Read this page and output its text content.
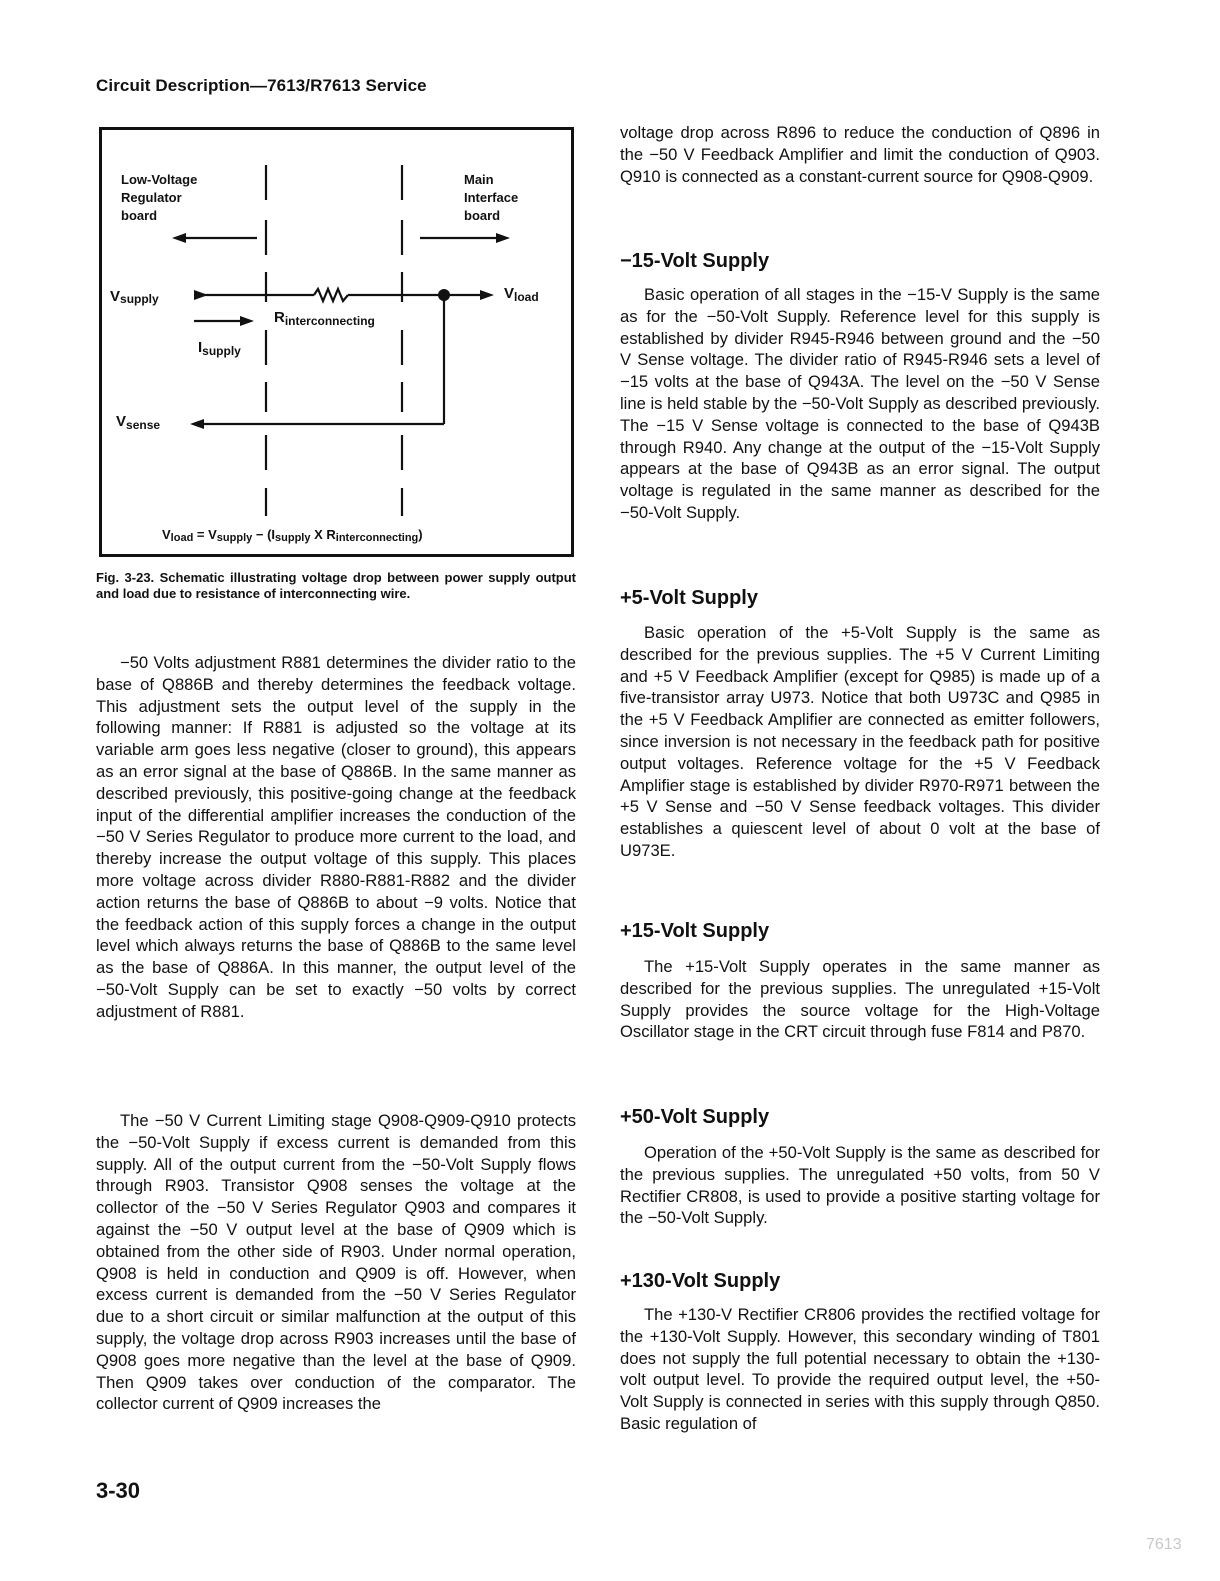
Circuit Description—7613/R7613 Service
Low-Voltage
Regulator
board
Main
Interface
board
Vsupply	Vload
Rinterconnecting
Isupply
Vsense
Vload = Vsupply − (Isupply X Rinterconnecting)
Fig. 3-23. Schematic illustrating voltage drop between power supply output and load due to resistance of interconnecting wire.

−50 Volts adjustment R881 determines the divider ratio to the base of Q886B and thereby determines the feedback voltage. This adjustment sets the output level of the supply in the following manner: If R881 is adjusted so the voltage at its variable arm goes less negative (closer to ground), this appears as an error signal at the base of Q886B. In the same manner as described previously, this positive-going change at the feedback input of the differential amplifier increases the conduction of the −50 V Series Regulator to produce more current to the load, and thereby increase the output voltage of this supply. This places more voltage across divider R880-R881-R882 and the divider action returns the base of Q886B to about −9 volts. Notice that the feedback action of this supply forces a change in the output level which always returns the base of Q886B to the same level as the base of Q886A. In this manner, the output level of the −50-Volt Supply can be set to exactly −50 volts by correct adjustment of R881.

The −50 V Current Limiting stage Q908-Q909-Q910 protects the −50-Volt Supply if excess current is demanded from this supply. All of the output current from the −50-Volt Supply flows through R903. Transistor Q908 senses the voltage at the collector of the −50 V Series Regulator Q903 and compares it against the −50 V output level at the base of Q909 which is obtained from the other side of R903. Under normal operation, Q908 is held in conduction and Q909 is off. However, when excess current is demanded from the −50 V Series Regulator due to a short circuit or similar malfunction at the output of this supply, the voltage drop across R903 increases until the base of Q908 goes more negative than the level at the base of Q909. Then Q909 takes over conduction of the comparator. The collector current of Q909 increases the

voltage drop across R896 to reduce the conduction of Q896 in the −50 V Feedback Amplifier and limit the conduction of Q903. Q910 is connected as a constant-current source for Q908-Q909.

−15-Volt Supply

Basic operation of all stages in the −15-V Supply is the same as for the −50-Volt Supply. Reference level for this supply is established by divider R945-R946 between ground and the −50 V Sense voltage. The divider ratio of R945-R946 sets a level of −15 volts at the base of Q943A. The level on the −50 V Sense line is held stable by the −50-Volt Supply as described previously. The −15 V Sense voltage is connected to the base of Q943B through R940. Any change at the output of the −15-Volt Supply appears at the base of Q943B as an error signal. The output voltage is regulated in the same manner as described for the −50-Volt Supply.

+5-Volt Supply

Basic operation of the +5-Volt Supply is the same as described for the previous supplies. The +5 V Current Limiting and +5 V Feedback Amplifier (except for Q985) is made up of a five-transistor array U973. Notice that both U973C and Q985 in the +5 V Feedback Amplifier are connected as emitter followers, since inversion is not necessary in the feedback path for positive output voltages. Reference voltage for the +5 V Feedback Amplifier stage is established by divider R970-R971 between the +5 V Sense and −50 V Sense feedback voltages. This divider establishes a quiescent level of about 0 volt at the base of U973E.

+15-Volt Supply

The +15-Volt Supply operates in the same manner as described for the previous supplies. The unregulated +15-Volt Supply provides the source voltage for the High-Voltage Oscillator stage in the CRT circuit through fuse F814 and P870.

+50-Volt Supply

Operation of the +50-Volt Supply is the same as described for the previous supplies. The unregulated +50 volts, from 50 V Rectifier CR808, is used to provide a positive starting voltage for the −50-Volt Supply.

+130-Volt Supply

The +130-V Rectifier CR806 provides the rectified voltage for the +130-Volt Supply. However, this secondary winding of T801 does not supply the full potential necessary to obtain the +130-volt output level. To provide the required output level, the +50-Volt Supply is connected in series with this supply through Q850. Basic regulation of

3-30
7613
